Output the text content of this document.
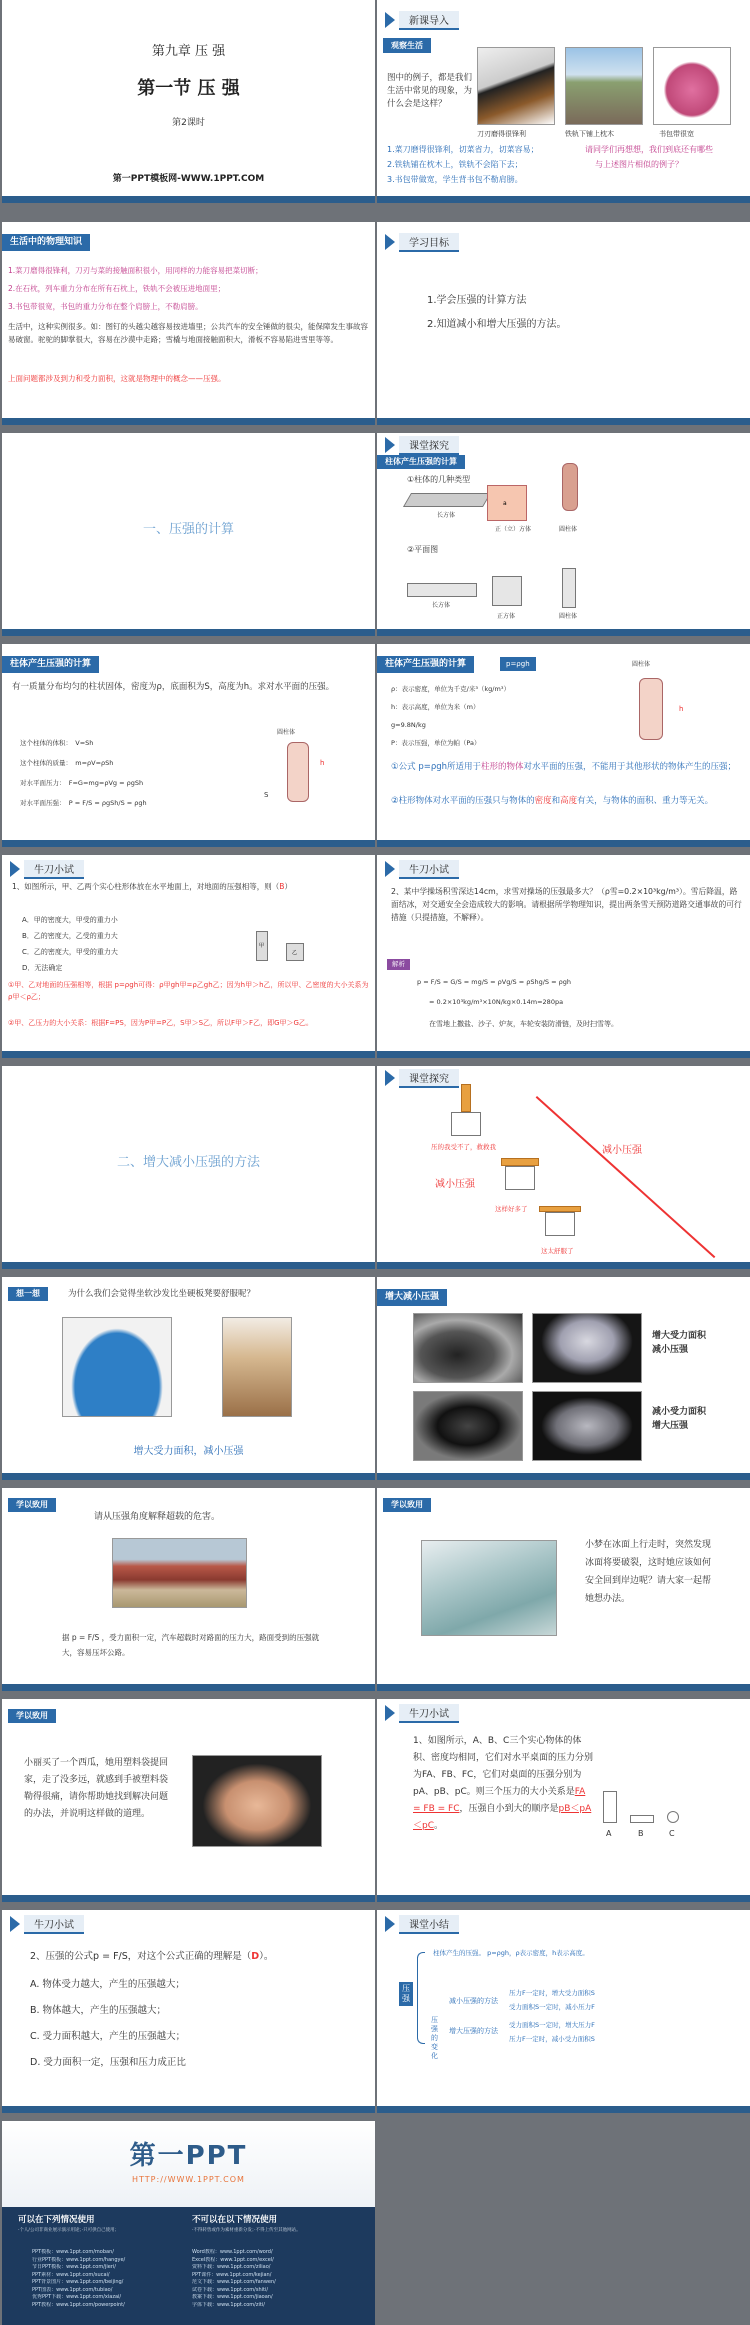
第九章 压 强
第一节 压 强
第2课时
第一PPT模板网-WWW.1PPT.COM
新课导入
观察生活
图中的例子，都是我们生活中常见的现象，为什么会是这样？
刀刃磨得很锋利	铁轨下铺上枕木	书包带很宽
1.菜刀磨得很锋利，切菜省力，切菜容易；
2.铁轨铺在枕木上，铁轨不会陷下去；
3.书包带做宽，学生背书包不勒肩膀。
请同学们再想想，我们到底还有哪些
与上述图片相似的例子？
生活中的物理知识
1.菜刀磨得很锋利，刀刃与菜的接触面积很小，用同样的力能容易把菜切断；
2.在石枕，列车重力分布在所有石枕上，铁轨不会被压进地面里；
3.书包带很宽，书包的重力分布在整个肩膀上，不勒肩膀。
生活中，这种实例很多。如：图钉的头越尖越容易按进墙里；公共汽车的安全锤做的很尖，能保障发生事故容易破窗。驼驼的脚掌很大，容易在沙漠中走路；雪橇与地面接触面积大，滑板不容易陷进雪里等等。
上面问题都涉及到力和受力面积，这就是物理中的概念——压强。
学习目标
1.学会压强的计算方法
2.知道减小和增大压强的方法。
一、压强的计算
课堂探究
柱体产生压强的计算
①柱体的几种类型
长方体
a
正（立）方体	圆柱体
②平面图
长方体
正方体	圆柱体
柱体产生压强的计算
有一质量分布均匀的柱状固体，密度为ρ，底面积为S，高度为h。求对水平面的压强。
这个柱体的体积：　 V=Sh
这个柱体的质量：　 m=ρV=ρSh
对水平面压力：　 F=G=mg=ρVg = ρgSh
对水平面压强：　 P = F/S = ρgSh/S = ρgh
圆柱体
h
S
柱体产生压强的计算	p=ρgh
ρ：表示密度，单位为千克/米³（kg/m³）
h：表示高度，单位为米（m）
g=9.8N/kg
P：表示压强，单位为帕（Pa）
圆柱体
h
①公式 p=ρgh所适用于柱形的物体对水平面的压强，不能用于其他形状的物体产生的压强；
②柱形物体对水平面的压强只与物体的密度和高度有关，与物体的面积、重力等无关。
牛刀小试
1、如图所示，甲、乙两个实心柱形体放在水平地面上，对地面的压强相等，则（B）
A．甲的密度大，甲受的重力小
B．乙的密度大，乙受的重力大
C．乙的密度大，甲受的重力大
D．无法确定
甲
乙
①甲、乙对地面的压强相等，根据 p=ρgh可得：ρ甲gh甲=ρ乙gh乙；因为h甲＞h乙，所以甲、乙密度的大小关系为 ρ甲＜ρ乙；
②甲、乙压力的大小关系：根据F=PS，因为P甲=P乙，S甲＞S乙，所以F甲＞F乙，即G甲＞G乙。
牛刀小试
2、某中学操场积雪深达14cm，求雪对操场的压强最多大？（ρ雪=0.2×10³kg/m³）。雪后降温，路面结冰，对交通安全会造成较大的影响。请根据所学物理知识，提出两条雪天预防道路交通事故的可行措施（只提措施，不解释）。
解析
p = F/S = G/S = mg/S = ρVg/S = ρShg/S = ρgh
= 0.2×10³kg/m³×10N/kg×0.14m=280pa
在雪地上撒盐、沙子、炉灰，车轮安装防滑链，及时扫雪等。
二、增大减小压强的方法
课堂探究
压的我受不了，救救我
这样好多了
这太舒服了
减小压强
减小压强
想一想	为什么我们会觉得坐软沙发比坐硬板凳要舒服呢？
增大受力面积，减小压强
增大减小压强
增大受力面积
减小压强
减小受力面积
增大压强
学以致用
请从压强角度解释超载的危害。
据 p = F/S ，受力面积一定，汽车超载时对路面的压力大，路面受到的压强就大，容易压坏公路。
学以致用
小梦在冰面上行走时，突然发现冰面将要破裂，这时她应该如何安全回到岸边呢？请大家一起帮她想办法。
学以致用
小丽买了一个西瓜，她用塑料袋提回家，走了没多远，就感到手被塑料袋勒得很痛，请你帮助她找到解决问题的办法，并说明这样做的道理。
牛刀小试
1、如图所示，A、B、C三个实心物体的体积、密度均相同，它们对水平桌面的压力分别为FA、FB、FC，它们对桌面的压强分别为pA、pB、pC。则三个压力的大小关系是FA = FB = FC，压强自小到大的顺序是pB＜pA＜pC。
A	B	C
牛刀小试
2、压强的公式p = F/S，对这个公式正确的理解是（D）。
A. 物体受力越大，产生的压强越大；
B. 物体越大，产生的压强越大；
C. 受力面积越大，产生的压强越大；
D. 受力面积一定，压强和压力成正比
课堂小结
压强
柱体产生的压强。 p=ρgh，ρ表示密度，h表示高度。
压强的变化
减小压强的方法
压力F一定时，增大受力面积S
受力面积S一定时，减小压力F
增大压强的方法
受力面积S一定时，增大压力F
压力F一定时，减小受力面积S
第一PPT
HTTP://WWW.1PPT.COM
可以在下列情况使用	不可以在以下情况使用
·个人/公司非商业展示演示用途；·只可供自己使用；	·不得转售或作为素材重新分发；·不得上传至其他网站。
PPT模板：www.1ppt.com/moban/
行业PPT模板：www.1ppt.com/hangye/
节日PPT模板：www.1ppt.com/jieri/
PPT素材：www.1ppt.com/sucai/
PPT背景图片：www.1ppt.com/beijing/
PPT图表：www.1ppt.com/tubiao/
优秀PPT下载：www.1ppt.com/xiazai/
PPT教程：www.1ppt.com/powerpoint/
Word教程：www.1ppt.com/word/
Excel教程：www.1ppt.com/excel/
资料下载：www.1ppt.com/ziliao/
PPT课件：www.1ppt.com/kejian/
范文下载：www.1ppt.com/fanwen/
试卷下载：www.1ppt.com/shiti/
教案下载：www.1ppt.com/jiaoan/
字体下载：www.1ppt.com/ziti/
